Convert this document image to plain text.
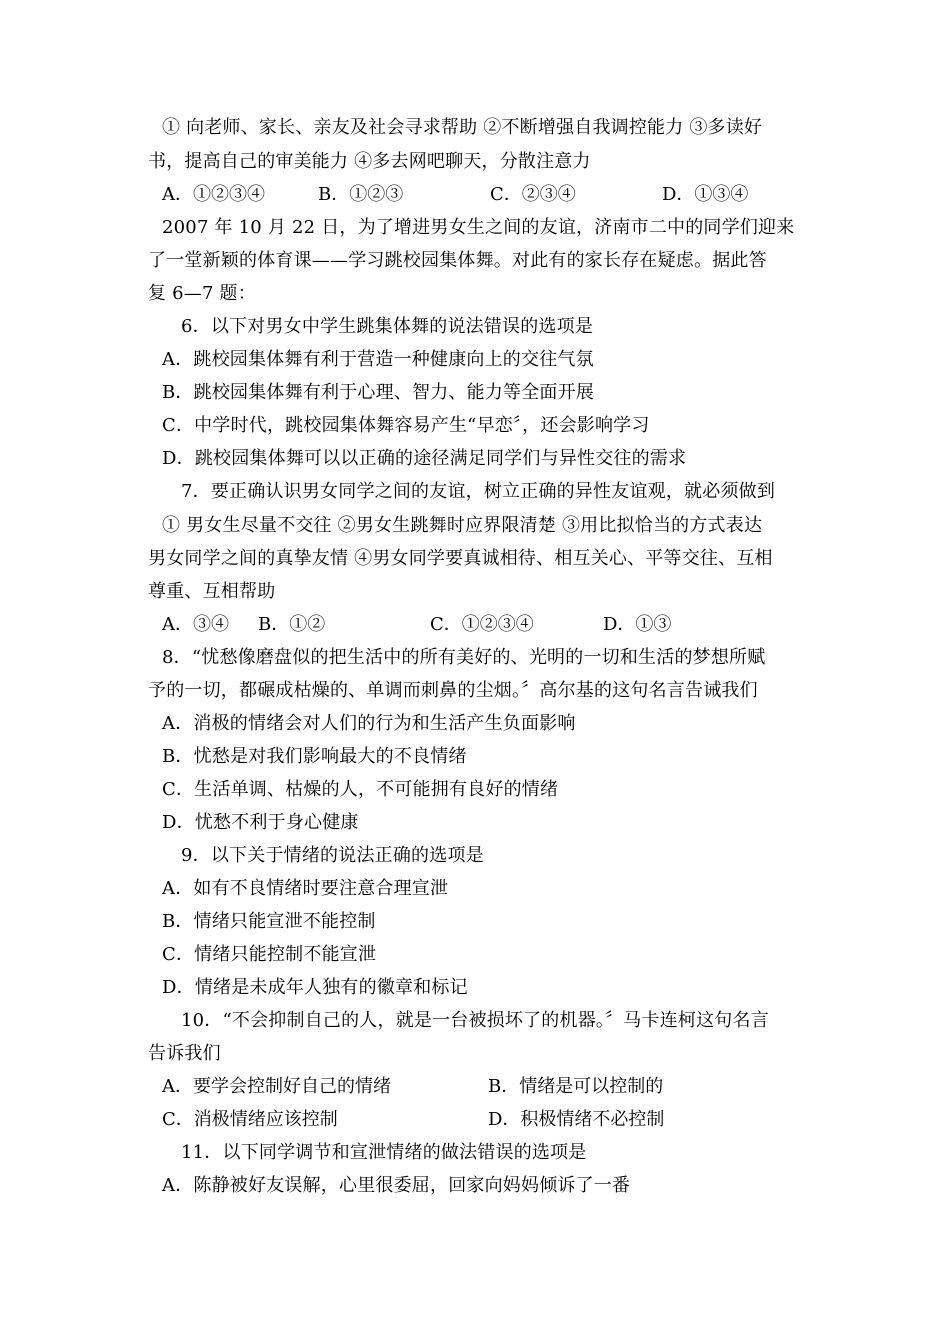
① 向老师、家长、亲友及社会寻求帮助 ②不断增强自我调控能力 ③多读好
书，提高自己的审美能力 ④多去网吧聊天，分散注意力
A．①②③④	B．①②③	C．②③④	D．①③④
2007 年 10 月 22 日，为了增进男女生之间的友谊，济南市二中的同学们迎来
了一堂新颖的体育课——学习跳校园集体舞。对此有的家长存在疑虑。据此答
复 6—7 题：
6．以下对男女中学生跳集体舞的说法错误的选项是
A．跳校园集体舞有利于营造一种健康向上的交往气氛
B．跳校园集体舞有利于心理、智力、能力等全面开展
C．中学时代，跳校园集体舞容易产生“早恋〞，还会影响学习
D．跳校园集体舞可以以正确的途径满足同学们与异性交往的需求
7．要正确认识男女同学之间的友谊，树立正确的异性友谊观，就必须做到
① 男女生尽量不交往 ②男女生跳舞时应界限清楚 ③用比拟恰当的方式表达
男女同学之间的真挚友情 ④男女同学要真诚相待、相互关心、平等交往、互相
尊重、互相帮助
A．③④ B．①②	C．①②③④	D．①③
8．“忧愁像磨盘似的把生活中的所有美好的、光明的一切和生活的梦想所赋
予的一切，都碾成枯燥的、单调而刺鼻的尘烟。〞高尔基的这句名言告诫我们
A．消极的情绪会对人们的行为和生活产生负面影响
B．忧愁是对我们影响最大的不良情绪
C．生活单调、枯燥的人，不可能拥有良好的情绪
D．忧愁不利于身心健康
9．以下关于情绪的说法正确的选项是
A．如有不良情绪时要注意合理宣泄
B．情绪只能宣泄不能控制
C．情绪只能控制不能宣泄
D．情绪是未成年人独有的徽章和标记
10．“不会抑制自己的人，就是一台被损坏了的机器。〞马卡连柯这句名言
告诉我们
A．要学会控制好自己的情绪	B．情绪是可以控制的
C．消极情绪应该控制	D．积极情绪不必控制
11．以下同学调节和宣泄情绪的做法错误的选项是
A．陈静被好友误解，心里很委屈，回家向妈妈倾诉了一番
